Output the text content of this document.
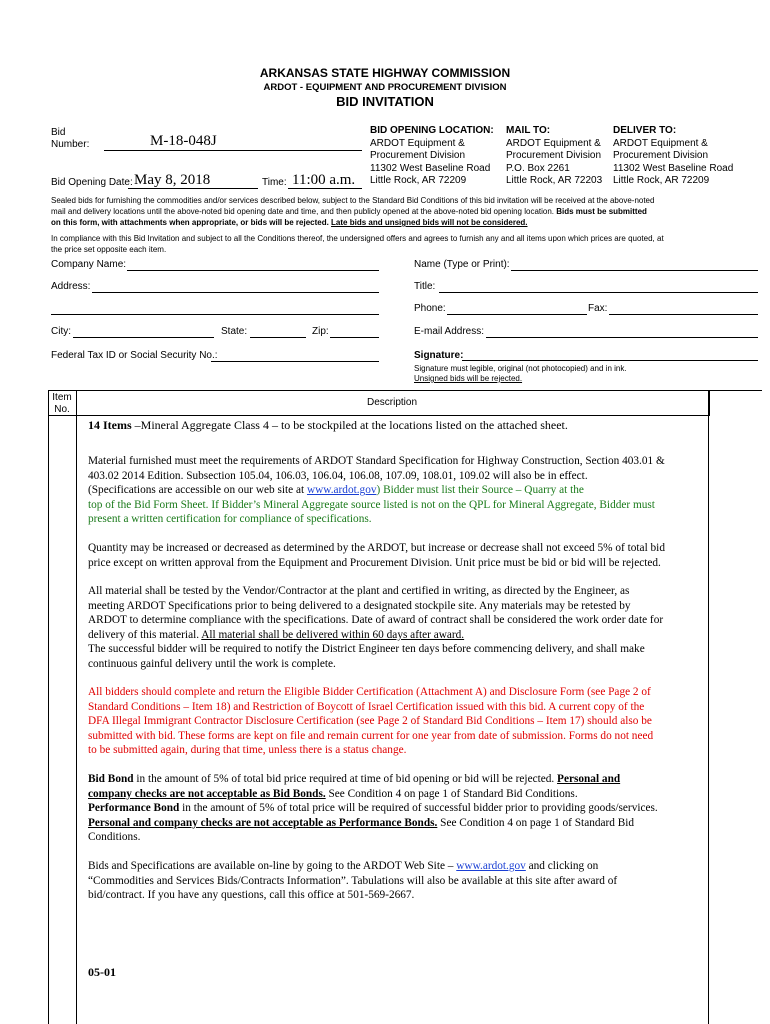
ARKANSAS STATE HIGHWAY COMMISSION
ARDOT - EQUIPMENT AND PROCUREMENT DIVISION
BID INVITATION
Bid
Number:	M-18-048J
Bid Opening Date: May 8, 2018	Time: 11:00 a.m.
BID OPENING LOCATION:
ARDOT Equipment &
Procurement Division
11302 West Baseline Road
Little Rock, AR 72209
MAIL TO:
ARDOT Equipment &
Procurement Division
P.O. Box 2261
Little Rock, AR 72203
DELIVER TO:
ARDOT Equipment &
Procurement Division
11302 West Baseline Road
Little Rock, AR 72209
Sealed bids for furnishing the commodities and/or services described below, subject to the Standard Bid Conditions of this bid invitation will be received at the above-noted
mail and delivery locations until the above-noted bid opening date and time, and then publicly opened at the above-noted bid opening location. Bids must be submitted
on this form, with attachments when appropriate, or bids will be rejected. Late bids and unsigned bids will not be considered.
In compliance with this Bid Invitation and subject to all the Conditions thereof, the undersigned offers and agrees to furnish any and all items upon which prices are quoted, at
the price set opposite each item.
Company Name:
Address:
City:	State:	Zip:
Federal Tax ID or Social Security No.:
Name (Type or Print):
Title:
Phone:	Fax:
E-mail Address:
Signature:
Signature must legible, original (not photocopied) and in ink.
Unsigned bids will be rejected.
Item
No.
Description
14 Items –Mineral Aggregate Class 4 – to be stockpiled at the locations listed on the attached sheet.
Material furnished must meet the requirements of ARDOT Standard Specification for Highway Construction, Section 403.01 &
403.02 2014 Edition. Subsection 105.04, 106.03, 106.04, 106.08, 107.09, 108.01, 109.02 will also be in effect.
(Specifications are accessible on our web site at www.ardot.gov) Bidder must list their Source – Quarry at the
top of the Bid Form Sheet. If Bidder’s Mineral Aggregate source listed is not on the QPL for Mineral Aggregate, Bidder must
present a written certification for compliance of specifications.
Quantity may be increased or decreased as determined by the ARDOT, but increase or decrease shall not exceed 5% of total bid
price except on written approval from the Equipment and Procurement Division. Unit price must be bid or bid will be rejected.
All material shall be tested by the Vendor/Contractor at the plant and certified in writing, as directed by the Engineer, as
meeting ARDOT Specifications prior to being delivered to a designated stockpile site. Any materials may be retested by
ARDOT to determine compliance with the specifications. Date of award of contract shall be considered the work order date for
delivery of this material. All material shall be delivered within 60 days after award.
The successful bidder will be required to notify the District Engineer ten days before commencing delivery, and shall make
continuous gainful delivery until the work is complete.
All bidders should complete and return the Eligible Bidder Certification (Attachment A) and Disclosure Form (see Page 2 of
Standard Conditions – Item 18) and Restriction of Boycott of Israel Certification issued with this bid. A current copy of the
DFA Illegal Immigrant Contractor Disclosure Certification (see Page 2 of Standard Bid Conditions – Item 17) should also be
submitted with bid. These forms are kept on file and remain current for one year from date of submission. Forms do not need
to be submitted again, during that time, unless there is a status change.
Bid Bond in the amount of 5% of total bid price required at time of bid opening or bid will be rejected. Personal and
company checks are not acceptable as Bid Bonds. See Condition 4 on page 1 of Standard Bid Conditions.
Performance Bond in the amount of 5% of total price will be required of successful bidder prior to providing goods/services.
Personal and company checks are not acceptable as Performance Bonds. See Condition 4 on page 1 of Standard Bid
Conditions.
Bids and Specifications are available on-line by going to the ARDOT Web Site – www.ardot.gov and clicking on
“Commodities and Services Bids/Contracts Information”. Tabulations will also be available at this site after award of
bid/contract. If you have any questions, call this office at 501-569-2667.
05-01
